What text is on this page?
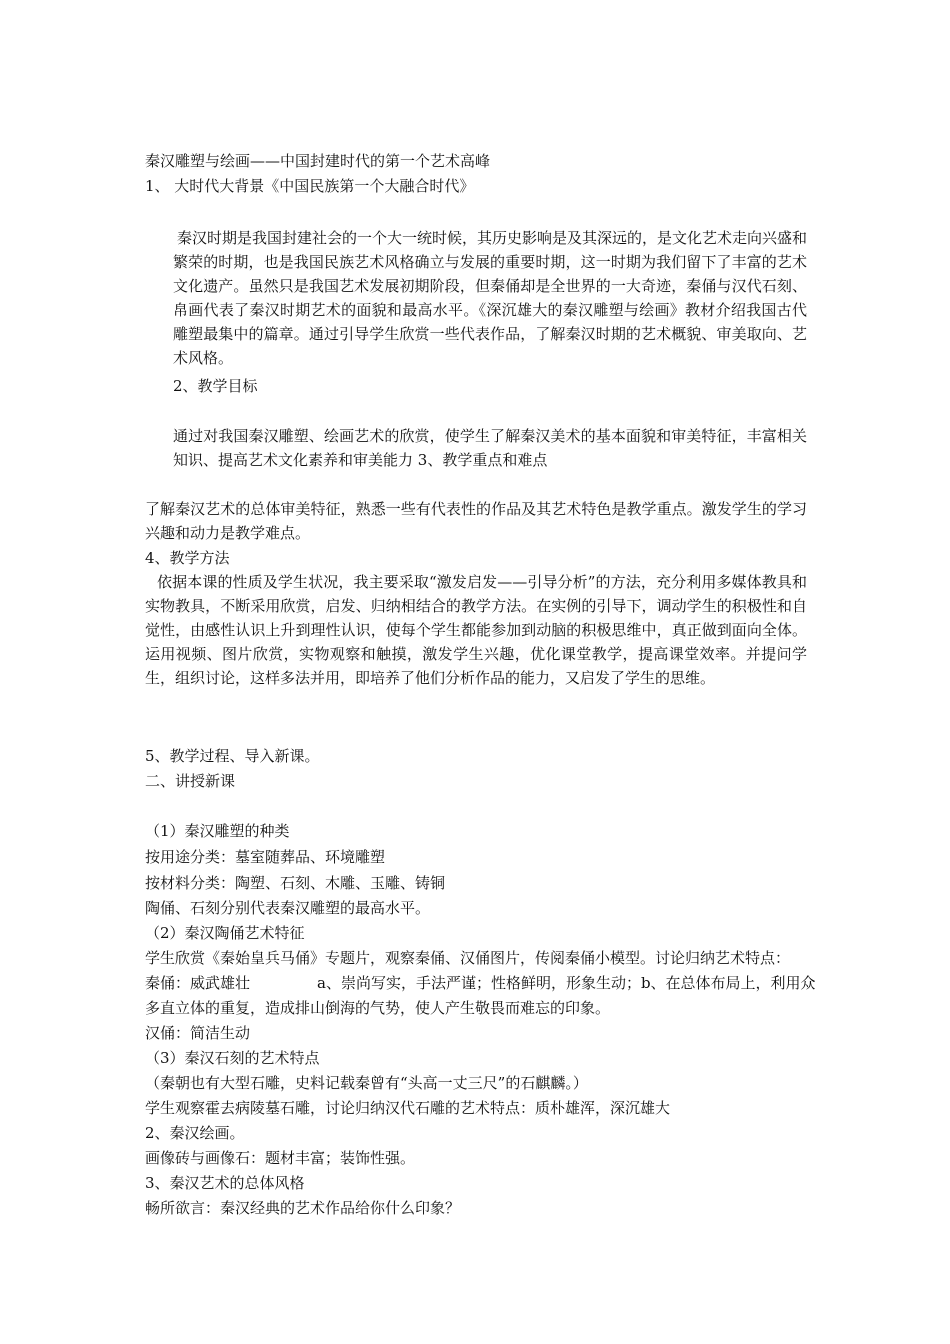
秦汉雕塑与绘画——中国封建时代的第一个艺术高峰
1、 大时代大背景《中国民族第一个大融合时代》
秦汉时期是我国封建社会的一个大一统时候，其历史影响是及其深远的，是文化艺术走向兴盛和繁荣的时期，也是我国民族艺术风格确立与发展的重要时期，这一时期为我们留下了丰富的艺术文化遗产。虽然只是我国艺术发展初期阶段，但秦俑却是全世界的一大奇迹，秦俑与汉代石刻、帛画代表了秦汉时期艺术的面貌和最高水平。《深沉雄大的秦汉雕塑与绘画》教材介绍我国古代雕塑最集中的篇章。通过引导学生欣赏一些代表作品，了解秦汉时期的艺术概貌、审美取向、艺术风格。
2、教学目标
通过对我国秦汉雕塑、绘画艺术的欣赏，使学生了解秦汉美术的基本面貌和审美特征，丰富相关知识、提高艺术文化素养和审美能力 3、教学重点和难点
了解秦汉艺术的总体审美特征，熟悉一些有代表性的作品及其艺术特色是教学重点。激发学生的学习兴趣和动力是教学难点。
4、教学方法
依据本课的性质及学生状况，我主要采取“激发启发——引导分析”的方法，充分利用多媒体教具和实物教具，不断采用欣赏，启发、归纳相结合的教学方法。在实例的引导下，调动学生的积极性和自觉性，由感性认识上升到理性认识，使每个学生都能参加到动脑的积极思维中，真正做到面向全体。运用视频、图片欣赏，实物观察和触摸，激发学生兴趣，优化课堂教学，提高课堂效率。并提问学生，组织讨论，这样多法并用，即培养了他们分析作品的能力，又启发了学生的思维。
5、教学过程、导入新课。
二、讲授新课
（1）秦汉雕塑的种类
按用途分类：墓室随葬品、环境雕塑
按材料分类：陶塑、石刻、木雕、玉雕、铸铜
陶俑、石刻分别代表秦汉雕塑的最高水平。
（2）秦汉陶俑艺术特征
学生欣赏《秦始皇兵马俑》专题片，观察秦俑、汉俑图片，传阅秦俑小模型。讨论归纳艺术特点：
秦俑：威武雄壮	a、崇尚写实，手法严谨；性格鲜明，形象生动；b、在总体布局上，利用众
多直立体的重复，造成排山倒海的气势，使人产生敬畏而难忘的印象。
汉俑：简洁生动
（3）秦汉石刻的艺术特点
（秦朝也有大型石雕，史料记载秦曾有“头高一丈三尺”的石麒麟。）
学生观察霍去病陵墓石雕，讨论归纳汉代石雕的艺术特点：质朴雄浑，深沉雄大
2、秦汉绘画。
画像砖与画像石：题材丰富；装饰性强。
3、秦汉艺术的总体风格
畅所欲言：秦汉经典的艺术作品给你什么印象？
